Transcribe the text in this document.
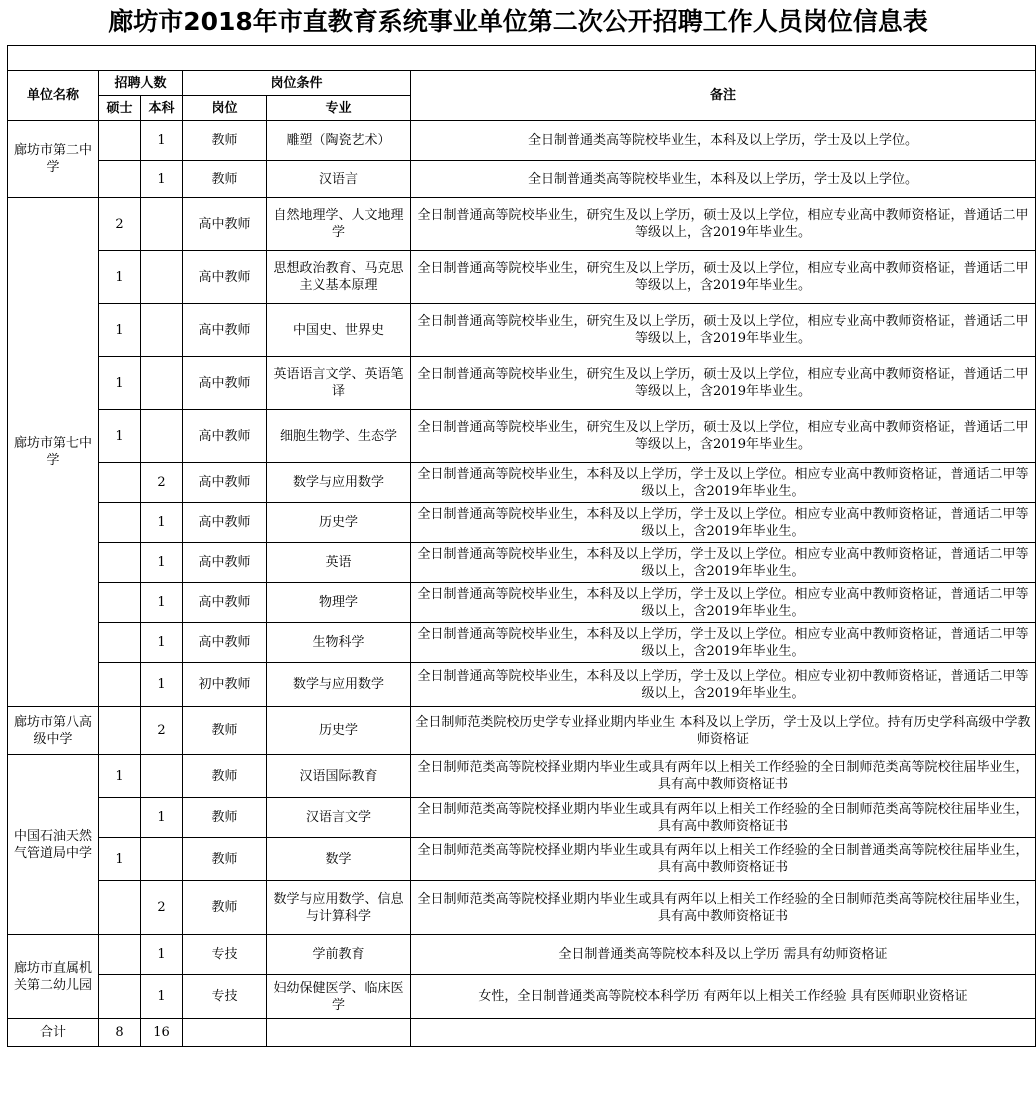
廊坊市2018年市直教育系统事业单位第二次公开招聘工作人员岗位信息表

单位名称	招聘人数		岗位条件		备注
	硕士	本科	岗位	专业	
廊坊市第二中学		1	教师	雕塑（陶瓷艺术）	全日制普通类高等院校毕业生，本科及以上学历，学士及以上学位。
		1	教师	汉语言	全日制普通类高等院校毕业生，本科及以上学历，学士及以上学位。
廊坊市第七中学	2		高中教师	自然地理学、人文地理学	全日制普通高等院校毕业生，研究生及以上学历，硕士及以上学位，相应专业高中教师资格证，普通话二甲等级以上，含2019年毕业生。
	1		高中教师	思想政治教育、马克思主义基本原理	全日制普通高等院校毕业生，研究生及以上学历，硕士及以上学位，相应专业高中教师资格证，普通话二甲等级以上，含2019年毕业生。
	1		高中教师	中国史、世界史	全日制普通高等院校毕业生，研究生及以上学历，硕士及以上学位，相应专业高中教师资格证，普通话二甲等级以上，含2019年毕业生。
	1		高中教师	英语语言文学、英语笔译	全日制普通高等院校毕业生，研究生及以上学历，硕士及以上学位，相应专业高中教师资格证，普通话二甲等级以上，含2019年毕业生。
	1		高中教师	细胞生物学、生态学	全日制普通高等院校毕业生，研究生及以上学历，硕士及以上学位，相应专业高中教师资格证，普通话二甲等级以上，含2019年毕业生。
		2	高中教师	数学与应用数学	全日制普通高等院校毕业生，本科及以上学历，学士及以上学位。相应专业高中教师资格证，普通话二甲等级以上，含2019年毕业生。
		1	高中教师	历史学	全日制普通高等院校毕业生，本科及以上学历，学士及以上学位。相应专业高中教师资格证，普通话二甲等级以上，含2019年毕业生。
		1	高中教师	英语	全日制普通高等院校毕业生，本科及以上学历，学士及以上学位。相应专业高中教师资格证，普通话二甲等级以上，含2019年毕业生。
		1	高中教师	物理学	全日制普通高等院校毕业生，本科及以上学历，学士及以上学位。相应专业高中教师资格证，普通话二甲等级以上，含2019年毕业生。
		1	高中教师	生物科学	全日制普通高等院校毕业生，本科及以上学历，学士及以上学位。相应专业高中教师资格证，普通话二甲等级以上，含2019年毕业生。
		1	初中教师	数学与应用数学	全日制普通高等院校毕业生，本科及以上学历，学士及以上学位。相应专业初中教师资格证，普通话二甲等级以上，含2019年毕业生。
廊坊市第八高级中学		2	教师	历史学	全日制师范类院校历史学专业择业期内毕业生 本科及以上学历，学士及以上学位。持有历史学科高级中学教师资格证
中国石油天然气管道局中学	1		教师	汉语国际教育	全日制师范类高等院校择业期内毕业生或具有两年以上相关工作经验的全日制师范类高等院校往届毕业生，具有高中教师资格证书
		1	教师	汉语言文学	全日制师范类高等院校择业期内毕业生或具有两年以上相关工作经验的全日制师范类高等院校往届毕业生，具有高中教师资格证书
	1		教师	数学	全日制师范类高等院校择业期内毕业生或具有两年以上相关工作经验的全日制普通类高等院校往届毕业生，具有高中教师资格证书
		2	教师	数学与应用数学、信息与计算科学	全日制师范类高等院校择业期内毕业生或具有两年以上相关工作经验的全日制师范类高等院校往届毕业生，具有高中教师资格证书
廊坊市直属机关第二幼儿园		1	专技	学前教育	全日制普通类高等院校本科及以上学历 需具有幼师资格证
		1	专技	妇幼保健医学、临床医学	女性，全日制普通类高等院校本科学历 有两年以上相关工作经验 具有医师职业资格证
合计	8	16			
